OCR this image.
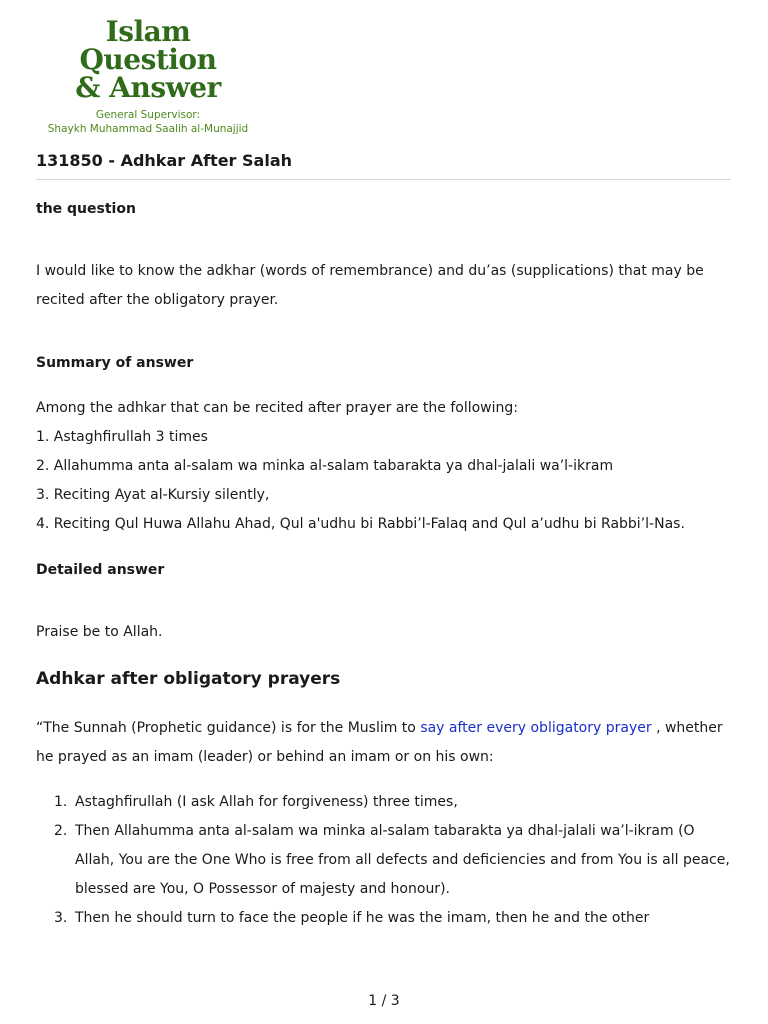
Islam Question
& Answer
General Supervisor:
Shaykh Muhammad Saalih al-Munajjid
131850 - Adhkar After Salah
the question
I would like to know the adkhar (words of remembrance) and du’as (supplications) that may be recited after the obligatory prayer.
Summary of answer
Among the adhkar that can be recited after prayer are the following:
1. Astaghfirullah 3 times
2. Allahumma anta al-salam wa minka al-salam tabarakta ya dhal-jalali wa’l-ikram
3. Reciting Ayat al-Kursiy silently,
4. Reciting Qul Huwa Allahu Ahad, Qul a'udhu bi Rabbi’l-Falaq and Qul a’udhu bi Rabbi’l-Nas.
Detailed answer
Praise be to Allah.
Adhkar after obligatory prayers
“The Sunnah (Prophetic guidance) is for the Muslim to say after every obligatory prayer , whether he prayed as an imam (leader) or behind an imam or on his own:
1. Astaghfirullah (I ask Allah for forgiveness) three times,
2. Then Allahumma anta al-salam wa minka al-salam tabarakta ya dhal-jalali wa’l-ikram (O Allah, You are the One Who is free from all defects and deficiencies and from You is all peace, blessed are You, O Possessor of majesty and honour).
3. Then he should turn to face the people if he was the imam, then he and the other
1 / 3
